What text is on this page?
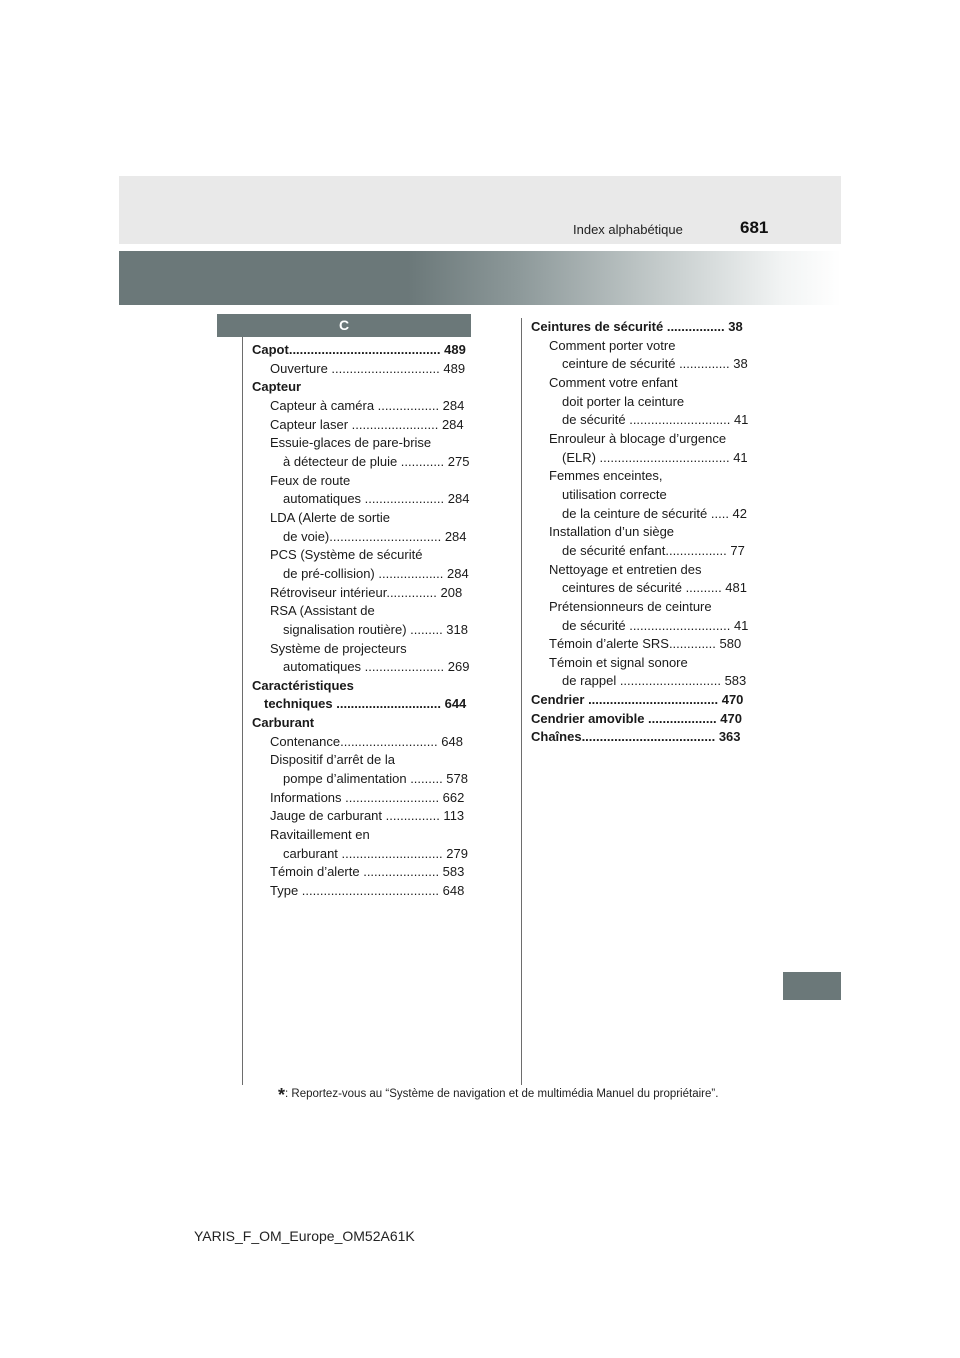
Index alphabétique	681
C
Capot.......................................... 489
Ouverture .............................. 489
Capteur
Capteur à caméra ................. 284
Capteur laser ........................ 284
Essuie-glaces de pare-brise
à détecteur de pluie ............ 275
Feux de route
automatiques ...................... 284
LDA (Alerte de sortie
de voie)............................... 284
PCS (Système de sécurité
de pré-collision) .................. 284
Rétroviseur intérieur.............. 208
RSA (Assistant de
signalisation routière) ......... 318
Système de projecteurs
automatiques ...................... 269
Caractéristiques
techniques ............................. 644
Carburant
Contenance........................... 648
Dispositif d’arrêt de la
pompe d’alimentation ......... 578
Informations .......................... 662
Jauge de carburant ............... 113
Ravitaillement en
carburant ............................ 279
Témoin d’alerte ..................... 583
Type ...................................... 648
Ceintures de sécurité ................ 38
Comment porter votre
ceinture de sécurité .............. 38
Comment votre enfant
doit porter la ceinture
de sécurité ............................ 41
Enrouleur à blocage d’urgence
(ELR) .................................... 41
Femmes enceintes,
utilisation correcte
de la ceinture de sécurité ..... 42
Installation d’un siège
de sécurité enfant................. 77
Nettoyage et entretien des
ceintures de sécurité .......... 481
Prétensionneurs de ceinture
de sécurité ............................ 41
Témoin d’alerte SRS............. 580
Témoin et signal sonore
de rappel ............................ 583
Cendrier .................................... 470
Cendrier amovible ................... 470
Chaînes..................................... 363
*: Reportez-vous au “Système de navigation et de multimédia Manuel du propriétaire”.
YARIS_F_OM_Europe_OM52A61K
